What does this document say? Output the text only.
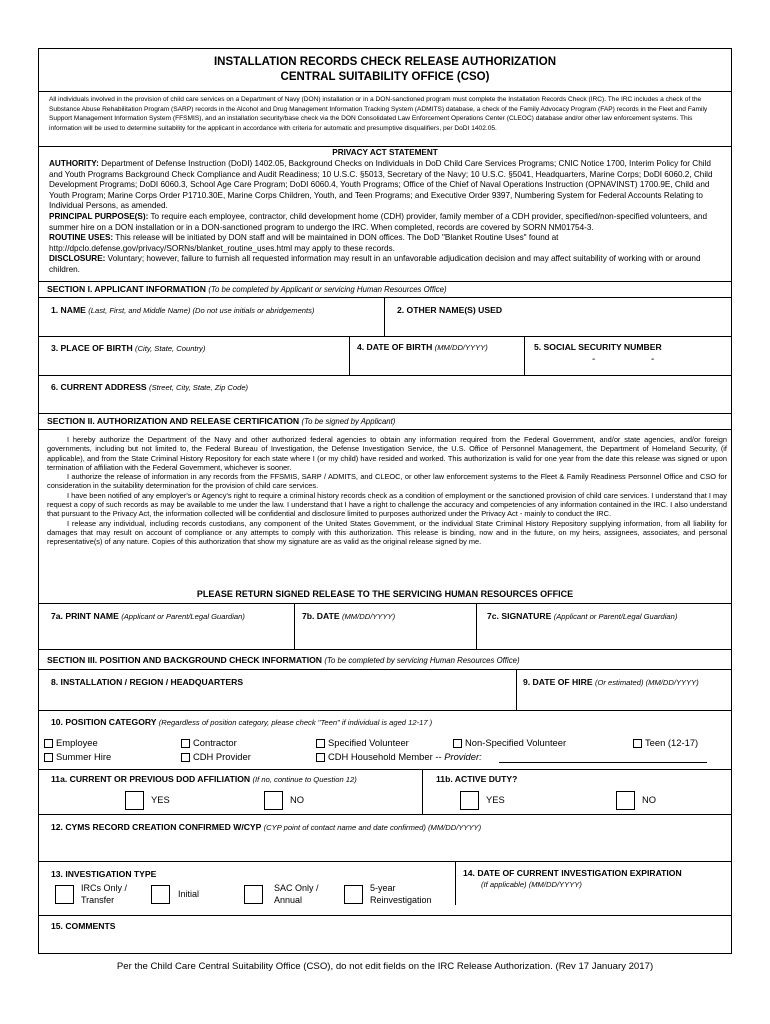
INSTALLATION RECORDS CHECK RELEASE AUTHORIZATION
CENTRAL SUITABILITY OFFICE (CSO)
All individuals involved in the provision of child care services on a Department of Navy (DON) installation or in a DON-sanctioned program must complete the Installation Records Check (IRC). The IRC includes a check of the Substance Abuse Rehabilitation Program (SARP) records in the Alcohol and Drug Management Information Tracking System (ADMITS) database, a check of the Family Advocacy Program (FAP) records in the Fleet and Family Support Management Information System (FFSMIS), and an installation security/base check via the DON Consolidated Law Enforcement Operations Center (CLEOC) database and/or other law enforcement systems. This information will be used to determine suitability for the applicant in accordance with criteria for automatic and presumptive disqualifiers, per DoDI 1402.05.
PRIVACY ACT STATEMENT
AUTHORITY: Department of Defense Instruction (DoDI) 1402.05, Background Checks on Individuals in DoD Child Care Services Programs; CNIC Notice 1700, Interim Policy for Child and Youth Programs Background Check Compliance and Audit Readiness; 10 U.S.C. §5013, Secretary of the Navy; 10 U.S.C. §5041, Headquarters, Marine Corps; DoDI 6060.2, Child Development Programs; DoDI 6060.3, School Age Care Program; DoDI 6060.4, Youth Programs; Office of the Chief of Naval Operations Instruction (OPNAVINST) 1700.9E, Child and Youth Program; Marine Corps Order P1710.30E, Marine Corps Children, Youth, and Teen Programs; and Executive Order 9397, Numbering System for Federal Accounts Relating to Individual Persons, as amended.
PRINCIPAL PURPOSE(S): To require each employee, contractor, child development home (CDH) provider, family member of a CDH provider, specified/non-specified volunteers, and summer hire on a DON installation or in a DON-sanctioned program to undergo the IRC. When completed, records are covered by SORN NM01754-3.
ROUTINE USES: This release will be initiated by DON staff and will be maintained in DON offices. The DoD "Blanket Routine Uses" found at
http://dpclo.defense.gov/privacy/SORNs/blanket_routine_uses.html may apply to these records.
DISCLOSURE: Voluntary; however, failure to furnish all requested information may result in an unfavorable adjudication decision and may affect suitability of working with or around children.
SECTION I. APPLICANT INFORMATION (To be completed by Applicant or servicing Human Resources Office)
1. NAME (Last, First, and Middle Name) (Do not use initials or abridgements)	2. OTHER NAME(S) USED
3. PLACE OF BIRTH (City, State, Country)	4. DATE OF BIRTH (MM/DD/YYYY)	5. SOCIAL SECURITY NUMBER
-	-
6. CURRENT ADDRESS (Street, City, State, Zip Code)
SECTION II. AUTHORIZATION AND RELEASE CERTIFICATION (To be signed by Applicant)

I hereby authorize the Department of the Navy and other authorized federal agencies to obtain any information required from the Federal Government, and/or state agencies, and/or foreign governments, including but not limited to, the Federal Bureau of Investigation, the Defense Investigation Service, the U.S. Office of Personnel Management, the Department of Homeland Security, (if applicable), and from the State Criminal History Repository for each state where I (or my child) have resided and worked. This authorization is valid for one year from the date this release was signed or upon termination of affiliation with the Federal Government, whichever is sooner.

I authorize the release of information in any records from the FFSMIS, SARP / ADMITS, and CLEOC, or other law enforcement systems to the Fleet & Family Readiness Personnel Office and CSO for consideration in the suitability determination for the provision of child care services.

I have been notified of any employer's or Agency's right to require a criminal history records check as a condition of employment or the sanctioned provision of child care services. I understand that I may request a copy of such records as may be available to me under the law. I understand that I have a right to challenge the accuracy and competencies of any information contained in the IRC. I also understand that pursuant to the Privacy Act, the information collected will be confidential and disclosure limited to purposes authorized under the Privacy Act - mainly to conduct the IRC.

I release any individual, including records custodians, any component of the United States Government, or the individual State Criminal History Repository supplying information, from all liability for damages that may result on account of compliance or any attempts to comply with this authorization. This release is binding, now and in the future, on my heirs, assignees, associates, and personal representative(s) of any nature. Copies of this authorization that show my signature are as valid as the original release signed by me.

PLEASE RETURN SIGNED RELEASE TO THE SERVICING HUMAN RESOURCES OFFICE
7a. PRINT NAME (Applicant or Parent/Legal Guardian)	7b. DATE (MM/DD/YYYY)	7c. SIGNATURE (Applicant or Parent/Legal Guardian)
SECTION III. POSITION AND BACKGROUND CHECK INFORMATION (To be completed by servicing Human Resources Office)
8. INSTALLATION / REGION / HEADQUARTERS	9. DATE OF HIRE (Or estimated) (MM/DD/YYYY)
10. POSITION CATEGORY (Regardless of position category, please check "Teen" if individual is aged 12-17 )
Employee	Contractor	Specified Volunteer	Non-Specified Volunteer	Teen (12-17)
Summer Hire	CDH Provider	CDH Household Member -- Provider:
11a. CURRENT OR PREVIOUS DOD AFFILIATION (If no, continue to Question 12)	11b. ACTIVE DUTY?
YES	NO	YES	NO
12. CYMS RECORD CREATION CONFIRMED W/CYP (CYP point of contact name and date confirmed) (MM/DD/YYYY)
13. INVESTIGATION TYPE	14. DATE OF CURRENT INVESTIGATION EXPIRATION
(If applicable) (MM/DD/YYYY)
IRCs Only /
Transfer
Initial
SAC Only /
Annual
5-year
Reinvestigation
15. COMMENTS
Per the Child Care Central Suitability Office (CSO), do not edit fields on the IRC Release Authorization. (Rev 17 January 2017)
